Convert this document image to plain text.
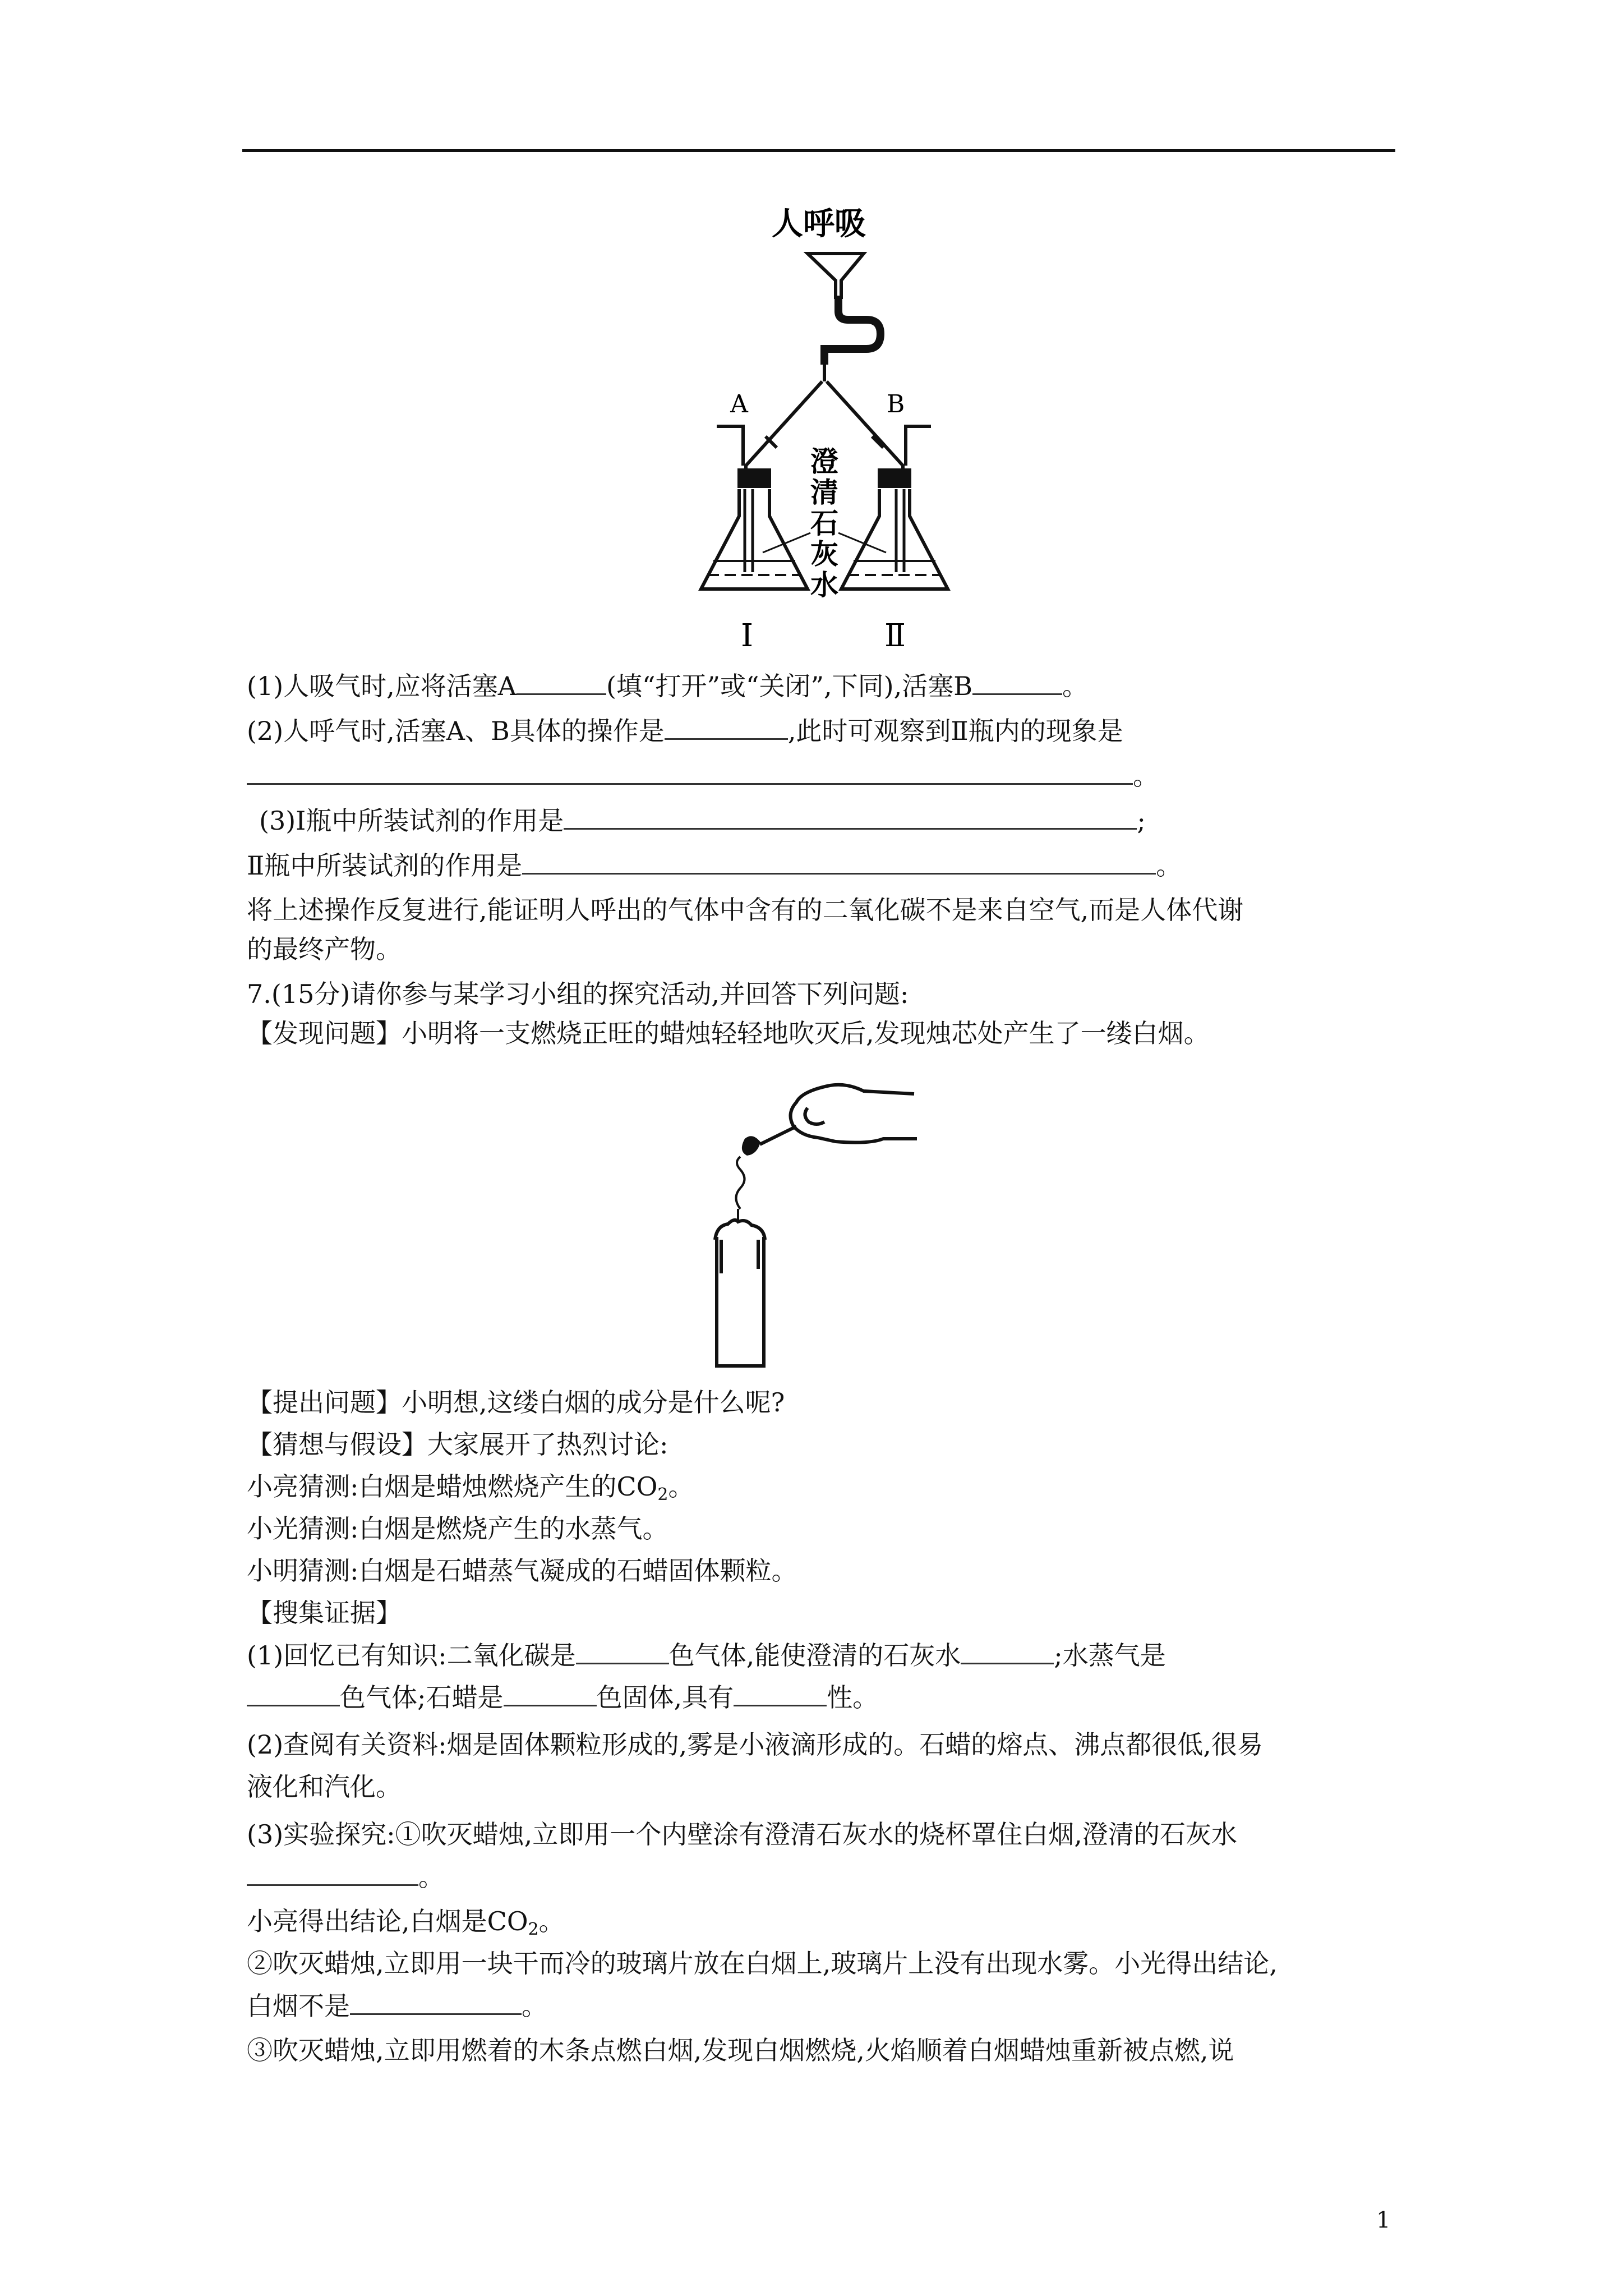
人呼吸
A	B
澄
清
石
灰
水
Ⅰ	Ⅱ
(1)人吸气时,应将活塞A	(填“打开”或“关闭”,下同),活塞B	。
(2)人呼气时,活塞A、B具体的操作是	,此时可观察到Ⅱ瓶内的现象是
。
(3)Ⅰ瓶中所装试剂的作用是	;
Ⅱ瓶中所装试剂的作用是	。
将上述操作反复进行,能证明人呼出的气体中含有的二氧化碳不是来自空气,而是人体代谢
的最终产物。
7.(15分)请你参与某学习小组的探究活动,并回答下列问题:
【发现问题】小明将一支燃烧正旺的蜡烛轻轻地吹灭后,发现烛芯处产生了一缕白烟。
【提出问题】小明想,这缕白烟的成分是什么呢?
【猜想与假设】大家展开了热烈讨论:
小亮猜测:白烟是蜡烛燃烧产生的$CO_2$。
小光猜测:白烟是燃烧产生的水蒸气。
小明猜测:白烟是石蜡蒸气凝成的石蜡固体颗粒。
【搜集证据】
(1)回忆已有知识:二氧化碳是	色气体,能使澄清的石灰水	;水蒸气是
色气体;石蜡是	色固体,具有	性。
(2)查阅有关资料:烟是固体颗粒形成的,雾是小液滴形成的。石蜡的熔点、沸点都很低,很易
液化和汽化。
(3)实验探究:①吹灭蜡烛,立即用一个内壁涂有澄清石灰水的烧杯罩住白烟,澄清的石灰水
。
小亮得出结论,白烟是$CO_2$。
②吹灭蜡烛,立即用一块干而冷的玻璃片放在白烟上,玻璃片上没有出现水雾。小光得出结论,
白烟不是	。
③吹灭蜡烛,立即用燃着的木条点燃白烟,发现白烟燃烧,火焰顺着白烟蜡烛重新被点燃,说
1
